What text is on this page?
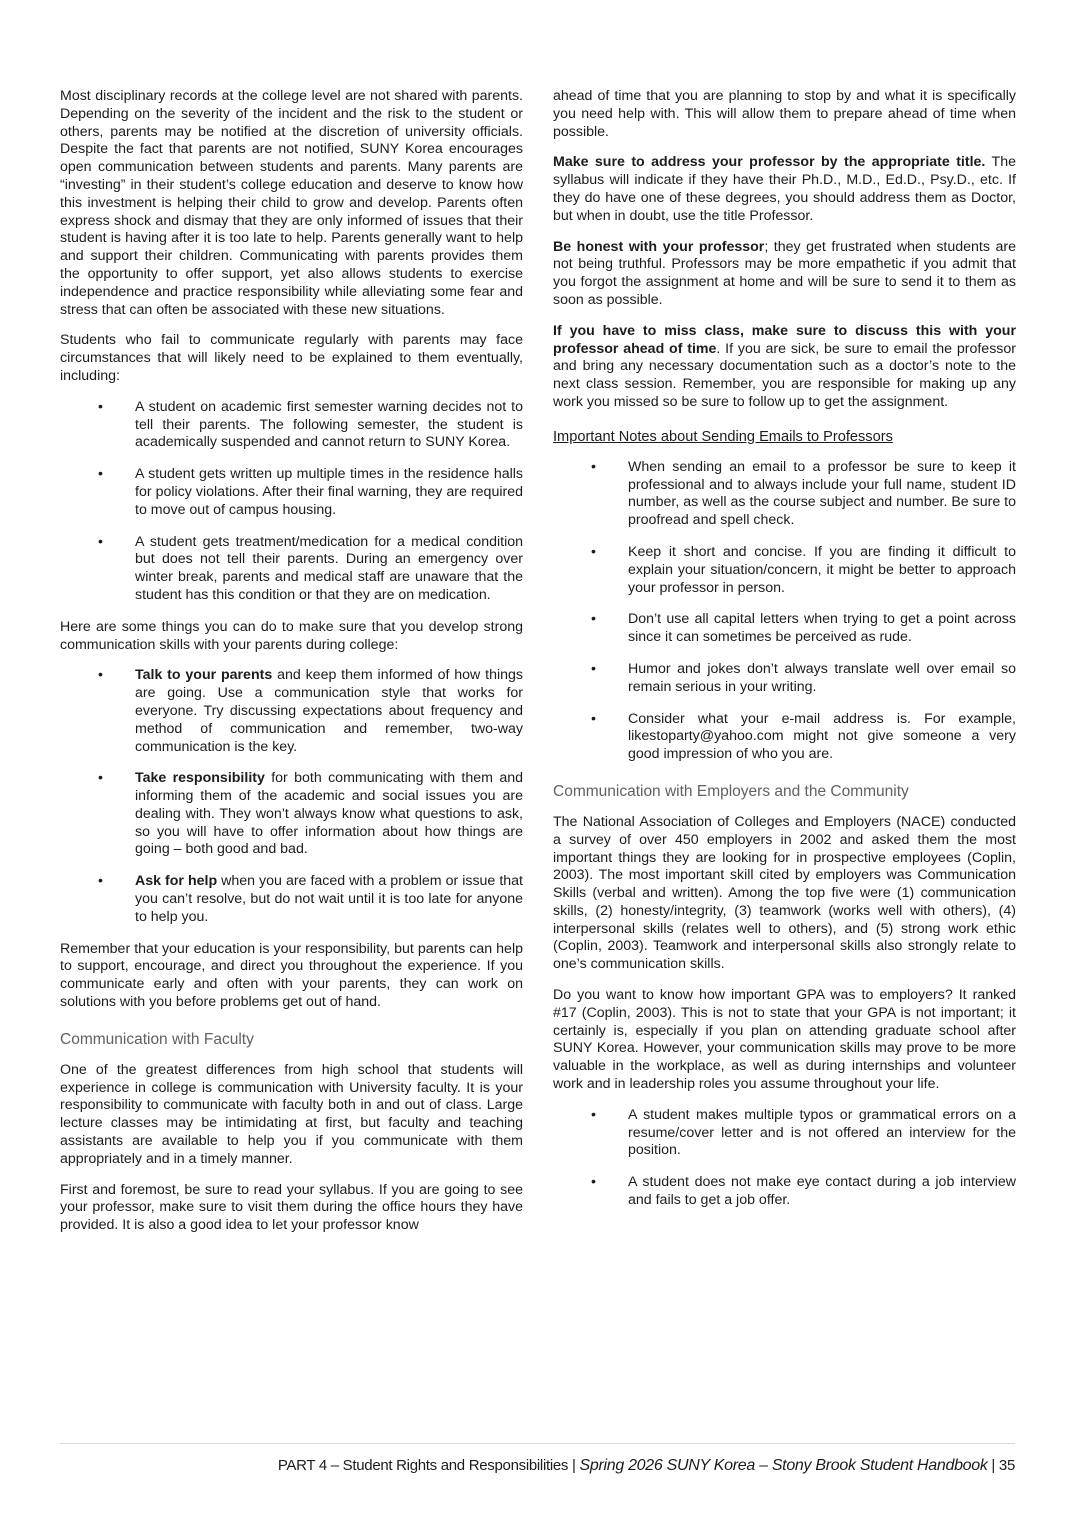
Most disciplinary records at the college level are not shared with parents. Depending on the severity of the incident and the risk to the student or others, parents may be notified at the discretion of university officials. Despite the fact that parents are not notified, SUNY Korea encourages open communication between students and parents. Many parents are “investing” in their student’s college education and deserve to know how this investment is helping their child to grow and develop. Parents often express shock and dismay that they are only informed of issues that their student is having after it is too late to help. Parents generally want to help and support their children. Communicating with parents provides them the opportunity to offer support, yet also allows students to exercise independence and practice responsibility while alleviating some fear and stress that can often be associated with these new situations.

Students who fail to communicate regularly with parents may face circumstances that will likely need to be explained to them eventually, including:

• A student on academic first semester warning decides not to tell their parents. The following semester, the student is academically suspended and cannot return to SUNY Korea.
• A student gets written up multiple times in the residence halls for policy violations. After their final warning, they are required to move out of campus housing.
• A student gets treatment/medication for a medical condition but does not tell their parents. During an emergency over winter break, parents and medical staff are unaware that the student has this condition or that they are on medication.

Here are some things you can do to make sure that you develop strong communication skills with your parents during college:

• Talk to your parents and keep them informed of how things are going. Use a communication style that works for everyone. Try discussing expectations about frequency and method of communication and remember, two-way communication is the key.
• Take responsibility for both communicating with them and informing them of the academic and social issues you are dealing with. They won’t always know what questions to ask, so you will have to offer information about how things are going – both good and bad.
• Ask for help when you are faced with a problem or issue that you can’t resolve, but do not wait until it is too late for anyone to help you.

Remember that your education is your responsibility, but parents can help to support, encourage, and direct you throughout the experience. If you communicate early and often with your parents, they can work on solutions with you before problems get out of hand.

Communication with Faculty

One of the greatest differences from high school that students will experience in college is communication with University faculty. It is your responsibility to communicate with faculty both in and out of class. Large lecture classes may be intimidating at first, but faculty and teaching assistants are available to help you if you communicate with them appropriately and in a timely manner.

First and foremost, be sure to read your syllabus. If you are going to see your professor, make sure to visit them during the office hours they have provided. It is also a good idea to let your professor know

ahead of time that you are planning to stop by and what it is specifically you need help with. This will allow them to prepare ahead of time when possible.

Make sure to address your professor by the appropriate title. The syllabus will indicate if they have their Ph.D., M.D., Ed.D., Psy.D., etc. If they do have one of these degrees, you should address them as Doctor, but when in doubt, use the title Professor.

Be honest with your professor; they get frustrated when students are not being truthful. Professors may be more empathetic if you admit that you forgot the assignment at home and will be sure to send it to them as soon as possible.

If you have to miss class, make sure to discuss this with your professor ahead of time. If you are sick, be sure to email the professor and bring any necessary documentation such as a doctor’s note to the next class session. Remember, you are responsible for making up any work you missed so be sure to follow up to get the assignment.

Important Notes about Sending Emails to Professors
• When sending an email to a professor be sure to keep it professional and to always include your full name, student ID number, as well as the course subject and number. Be sure to proofread and spell check.
• Keep it short and concise. If you are finding it difficult to explain your situation/concern, it might be better to approach your professor in person.
• Don’t use all capital letters when trying to get a point across since it can sometimes be perceived as rude.
• Humor and jokes don’t always translate well over email so remain serious in your writing.
• Consider what your e-mail address is. For example, likestoparty@yahoo.com might not give someone a very good impression of who you are.
Communication with Employers and the Community

The National Association of Colleges and Employers (NACE) conducted a survey of over 450 employers in 2002 and asked them the most important things they are looking for in prospective employees (Coplin, 2003). The most important skill cited by employers was Communication Skills (verbal and written). Among the top five were (1) communication skills, (2) honesty/integrity, (3) teamwork (works well with others), (4) interpersonal skills (relates well to others), and (5) strong work ethic (Coplin, 2003). Teamwork and interpersonal skills also strongly relate to one’s communication skills.

Do you want to know how important GPA was to employers? It ranked #17 (Coplin, 2003). This is not to state that your GPA is not important; it certainly is, especially if you plan on attending graduate school after SUNY Korea. However, your communication skills may prove to be more valuable in the workplace, as well as during internships and volunteer work and in leadership roles you assume throughout your life.

• A student makes multiple typos or grammatical errors on a resume/cover letter and is not offered an interview for the position.
• A student does not make eye contact during a job interview and fails to get a job offer.
PART 4 – Student Rights and Responsibilities | Spring 2026 SUNY Korea – Stony Brook Student Handbook | 35
